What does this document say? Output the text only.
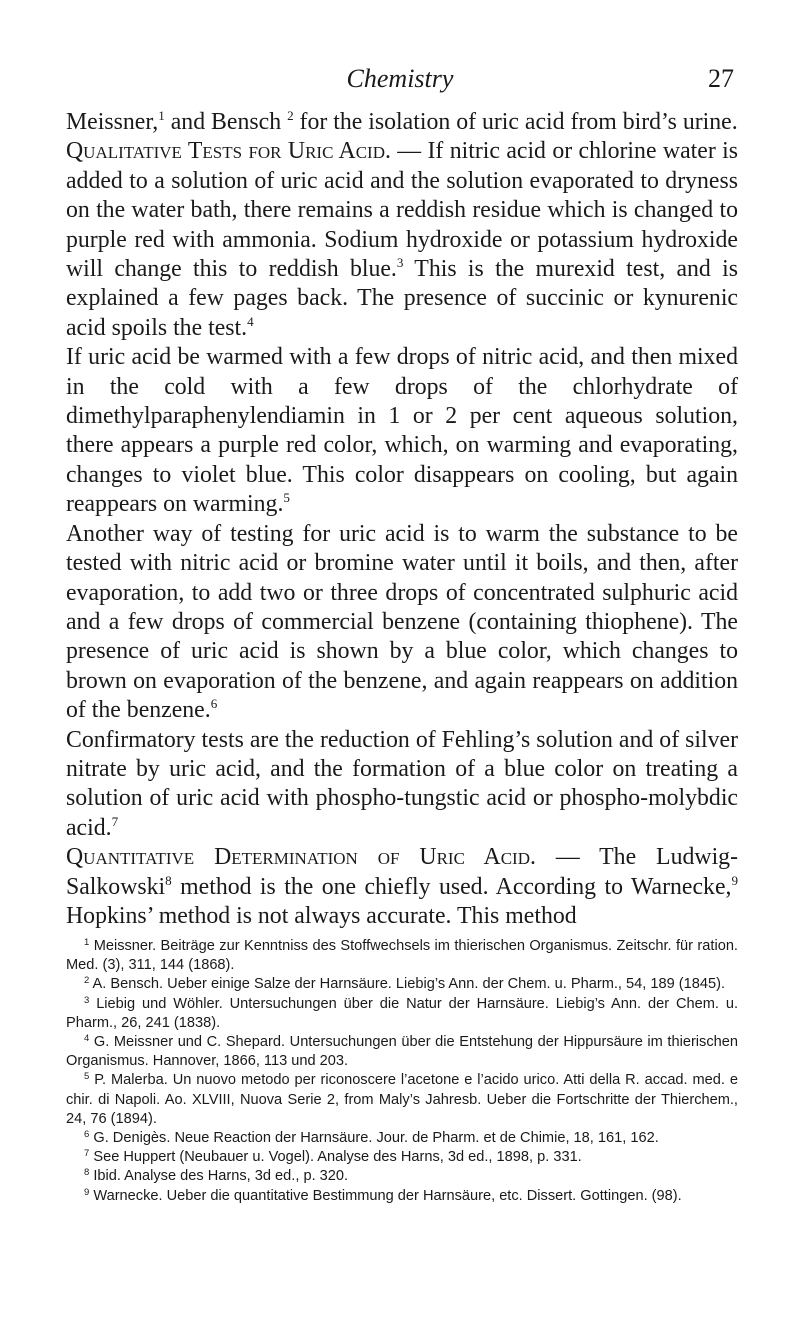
Chemistry	27

Meissner,$^1$ and Bensch $^2$ for the isolation of uric acid from bird’s urine.

Qualitative Tests for Uric Acid. — If nitric acid or chlorine water is added to a solution of uric acid and the solution evaporated to dryness on the water bath, there remains a reddish residue which is changed to purple red with ammonia. Sodium hydroxide or potassium hydroxide will change this to reddish blue.$^3$ This is the murexid test, and is explained a few pages back. The presence of succinic or kynurenic acid spoils the test.$^4$

If uric acid be warmed with a few drops of nitric acid, and then mixed in the cold with a few drops of the chlorhydrate of dimethylparaphenylendiamin in 1 or 2 per cent aqueous solution, there appears a purple red color, which, on warming and evaporating, changes to violet blue. This color disappears on cooling, but again reappears on warming.$^5$

Another way of testing for uric acid is to warm the substance to be tested with nitric acid or bromine water until it boils, and then, after evaporation, to add two or three drops of concentrated sulphuric acid and a few drops of commercial benzene (containing thiophene). The presence of uric acid is shown by a blue color, which changes to brown on evaporation of the benzene, and again reappears on addition of the benzene.$^6$

Confirmatory tests are the reduction of Fehling’s solution and of silver nitrate by uric acid, and the formation of a blue color on treating a solution of uric acid with phospho-tungstic acid or phospho-molybdic acid.$^7$

Quantitative Determination of Uric Acid. — The Ludwig-Salkowski$^8$ method is the one chiefly used. According to Warnecke,$^9$ Hopkins’ method is not always accurate. This method

$^1$ Meissner. Beiträge zur Kenntniss des Stoffwechsels im thierischen Organismus. Zeitschr. für ration. Med. (3), 311, 144 (1868).

$^2$ A. Bensch. Ueber einige Salze der Harnsäure. Liebig’s Ann. der Chem. u. Pharm., 54, 189 (1845).

$^3$ Liebig und Wöhler. Untersuchungen über die Natur der Harnsäure. Liebig’s Ann. der Chem. u. Pharm., 26, 241 (1838).

$^4$ G. Meissner und C. Shepard. Untersuchungen über die Entstehung der Hippursäure im thierischen Organismus. Hannover, 1866, 113 und 203.

$^5$ P. Malerba. Un nuovo metodo per riconoscere l’acetone e l’acido urico. Atti della R. accad. med. e chir. di Napoli. Ao. XLVIII, Nuova Serie 2, from Maly’s Jahresb. Ueber die Fortschritte der Thierchem., 24, 76 (1894).

$^6$ G. Denigès. Neue Reaction der Harnsäure. Jour. de Pharm. et de Chimie, 18, 161, 162.

$^7$ See Huppert (Neubauer u. Vogel). Analyse des Harns, 3d ed., 1898, p. 331.

$^8$ Ibid. Analyse des Harns, 3d ed., p. 320.

$^9$ Warnecke. Ueber die quantitative Bestimmung der Harnsäure, etc. Dissert. Gottingen. (98).
